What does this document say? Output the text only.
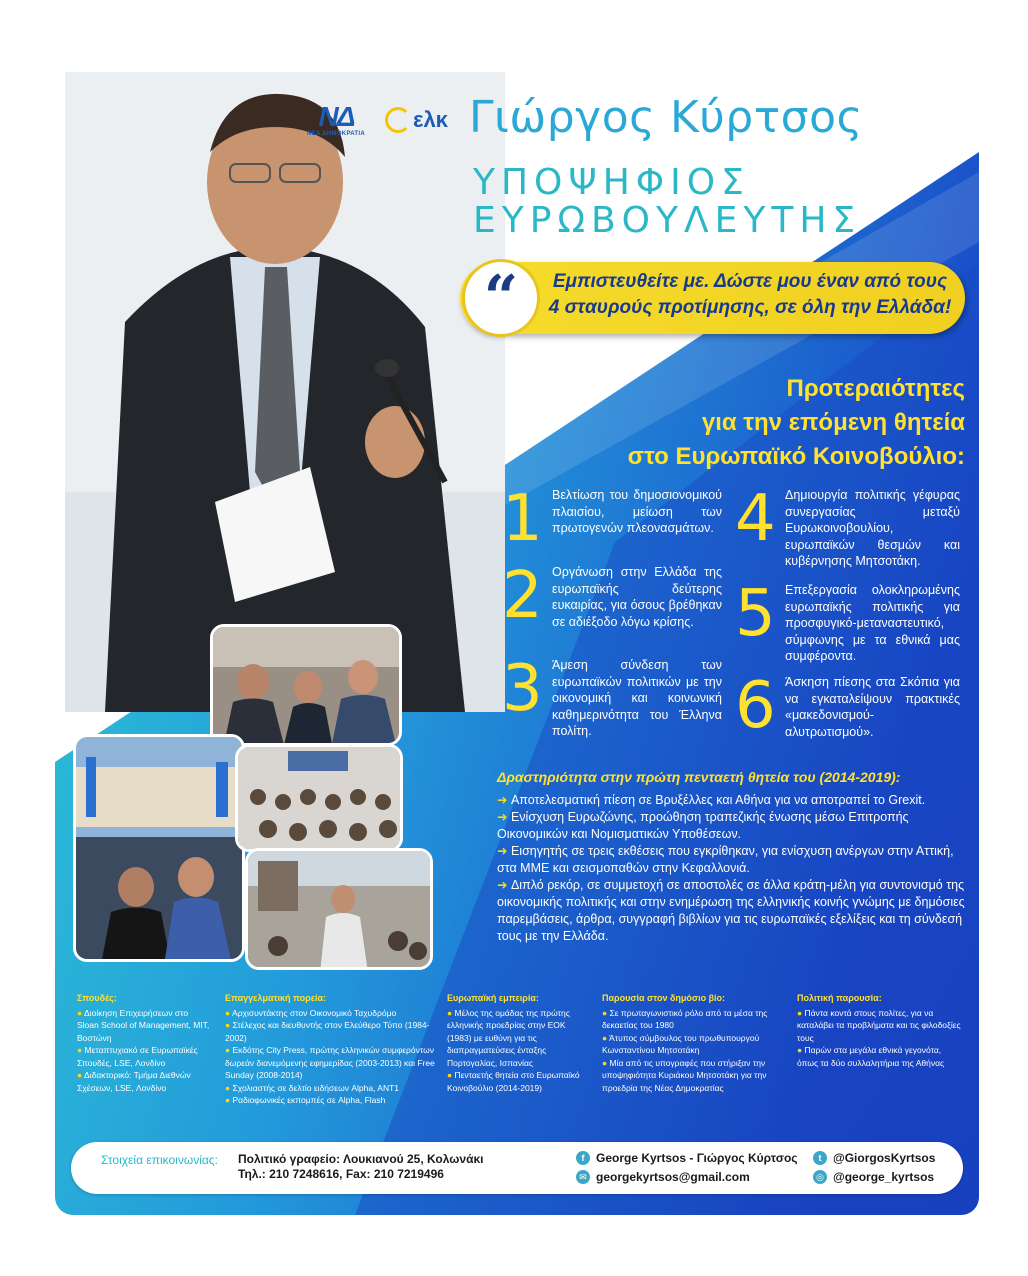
ΝΔ
ΝΕΑ ΔΗΜΟΚΡΑΤΙΑ
ελκ Γιώργος Κύρτσος
ΥΠΟΨΗΦΙΟΣ
ΕΥΡΩΒΟΥΛΕΥΤΗΣ
“	Εμπιστευθείτε με. Δώστε μου έναν από τους
4 σταυρούς προτίμησης, σε όλη την Ελλάδα!
Προτεραιότητες
για την επόμενη θητεία
στο Ευρωπαϊκό Κοινοβούλιο:
1 Βελτίωση του δημοσιονομικού πλαισίου, μείωση των πρωτογενών πλεονασμάτων.
2 Οργάνωση στην Ελλάδα της ευρωπαϊκής δεύτερης ευκαιρίας, για όσους βρέθηκαν σε αδιέξοδο λόγω κρίσης.
3 Άμεση σύνδεση των ευρωπαϊκών πολιτικών με την οικονομική και κοινωνική καθημερινότητα του Έλληνα πολίτη.
4 Δημιουργία πολιτικής γέφυρας συνεργασίας μεταξύ Ευρωκοινοβουλίου, ευρωπαϊκών θεσμών και κυβέρνησης Μητσοτάκη.
5 Επεξεργασία ολοκληρωμένης ευρωπαϊκής πολιτικής για προσφυγικό-μεταναστευτικό, σύμφωνης με τα εθνικά μας συμφέροντα.
6 Άσκηση πίεσης στα Σκόπια για να εγκαταλείψουν πρακτικές «μακεδονισμού-αλυτρωτισμού».
Δραστηριότητα στην πρώτη πενταετή θητεία του (2014-2019):
➜ Αποτελεσματική πίεση σε Βρυξέλλες και Αθήνα για να αποτραπεί το Grexit.
➜ Ενίσχυση Ευρωζώνης, προώθηση τραπεζικής ένωσης μέσω Επιτροπής Οικονομικών και Νομισματικών Υποθέσεων.
➜ Εισηγητής σε τρεις εκθέσεις που εγκρίθηκαν, για ενίσχυση ανέργων στην Αττική, στα ΜΜΕ και σεισμοπαθών στην Κεφαλλονιά.
➜ Διπλό ρεκόρ, σε συμμετοχή σε αποστολές σε άλλα κράτη-μέλη για συντονισμό της οικονομικής πολιτικής και στην ενημέρωση της ελληνικής κοινής γνώμης με δημόσιες παρεμβάσεις, άρθρα, συγγραφή βιβλίων για τις ευρωπαϊκές εξελίξεις και τη σύνδεσή τους με την Ελλάδα.
Σπουδές:
● Διοίκηση Επιχειρήσεων στο Sloan School of Management, MIT, Βοστώνη
● Μεταπτυχιακό σε Ευρωπαϊκές Σπουδές, LSE, Λονδίνο
● Διδακτορικό: Τμήμα Διεθνών Σχέσεων, LSE, Λονδίνο
Επαγγελματική πορεία:
● Αρχισυντάκτης στον Οικονομικό Ταχυδρόμο
● Στέλεχος και διευθυντής στον Ελεύθερο Τύπο (1984-2002)
● Εκδότης City Press, πρώτης ελληνικών συμφερόντων δωρεάν διανεμόμενης εφημερίδας (2003-2013) και Free Sunday (2008-2014)
● Σχολιαστής σε δελτίο ειδήσεων Alpha, ANT1
● Ραδιοφωνικές εκπομπές σε Alpha, Flash
Ευρωπαϊκή εμπειρία:
● Μέλος της ομάδας της πρώτης ελληνικής προεδρίας στην ΕΟΚ (1983) με ευθύνη για τις διαπραγματεύσεις ένταξης Πορτογαλίας, Ισπανίας
● Πενταετής θητεία στο Ευρωπαϊκό Κοινοβούλιο (2014-2019)
Παρουσία στον δημόσιο βίο:
● Σε πρωταγωνιστικό ρόλο από τα μέσα της δεκαετίας του 1980
● Άτυπος σύμβουλος του πρωθυπουργού Κωνσταντίνου Μητσοτάκη
● Μία από τις υπογραφές που στήριξαν την υποψηφιότητα Κυριάκου Μητσοτάκη για την προεδρία της Νέας Δημοκρατίας
Πολιτική παρουσία:
● Πάντα κοντά στους πολίτες, για να καταλάβει τα προβλήματα και τις φιλοδοξίες τους
● Παρών στα μεγάλα εθνικά γεγονότα, όπως τα δύο συλλαλητήρια της Αθήνας
Στοιχεία επικοινωνίας: Πολιτικό γραφείο: Λουκιανού 25, Κολωνάκι
Τηλ.: 210 7248616, Fax: 210 7219496
f George Kyrtsos - Γιώργος Κύρτσος
✉ georgekyrtsos@gmail.com
t @GiorgosKyrtsos
◎ @george_kyrtsos
